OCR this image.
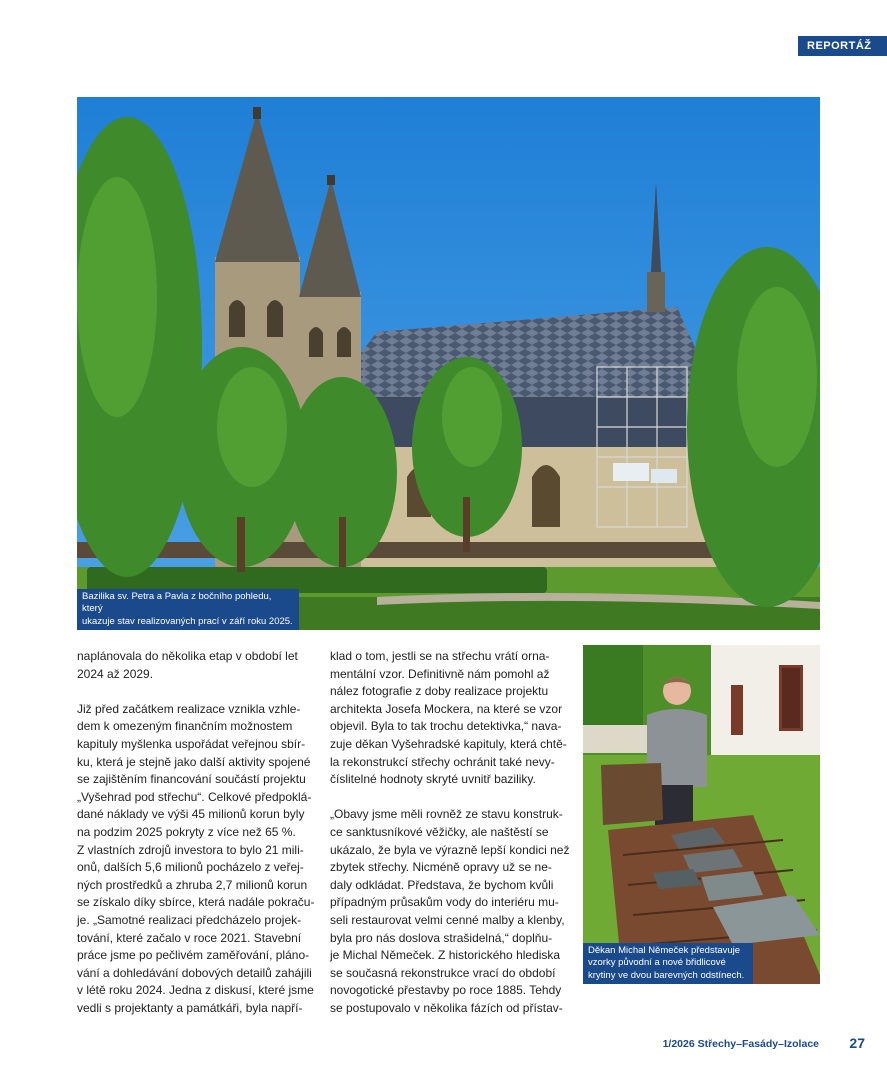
REPORTÁŽ
Bazilika sv. Petra a Pavla z bočního pohledu, který
ukazuje stav realizovaných prací v září roku 2025.

naplánovala do několika etap v období let
2024 až 2029.

Již před začátkem realizace vznikla vzhle-
dem k omezeným finančním možnostem
kapituly myšlenka uspořádat veřejnou sbír-
ku, která je stejně jako další aktivity spojené
se zajištěním financování součástí projektu
„Vyšehrad pod střechu“. Celkové předpoklá-
dané náklady ve výši 45 milionů korun byly
na podzim 2025 pokryty z více než 65 %.
Z vlastních zdrojů investora to bylo 21 mili-
onů, dalších 5,6 milionů pocházelo z veřej-
ných prostředků a zhruba 2,7 milionů korun
se získalo díky sbírce, která nadále pokraču-
je. „Samotné realizaci předcházelo projek-
tování, které začalo v roce 2021. Stavební
práce jsme po pečlivém zaměřování, pláno-
vání a dohledávání dobových detailů zahájili
v létě roku 2024. Jedna z diskusí, které jsme
vedli s projektanty a památkáři, byla napří-

klad o tom, jestli se na střechu vrátí orna-
mentální vzor. Definitivně nám pomohl až
nález fotografie z doby realizace projektu
architekta Josefa Mockera, na které se vzor
objevil. Byla to tak trochu detektivka,“ nava-
zuje děkan Vyšehradské kapituly, která chtě-
la rekonstrukcí střechy ochránit také nevy-
číslitelné hodnoty skryté uvnitř baziliky.

„Obavy jsme měli rovněž ze stavu konstruk-
ce sanktusníkové věžičky, ale naštěstí se
ukázalo, že byla ve výrazně lepší kondici než
zbytek střechy. Nicméně opravy už se ne-
daly odkládat. Představa, že bychom kvůli
případným průsakům vody do interiéru mu-
seli restaurovat velmi cenné malby a klenby,
byla pro nás doslova strašidelná,“ doplňu-
je Michal Němeček. Z historického hlediska
se současná rekonstrukce vrací do období
novogotické přestavby po roce 1885. Tehdy
se postupovalo v několika fázích od přístav-

Děkan Michal Němeček představuje
vzorky původní a nové břidlicové
krytiny ve dvou barevných odstínech.
1/2026 Střechy–Fasády–Izolace 27
